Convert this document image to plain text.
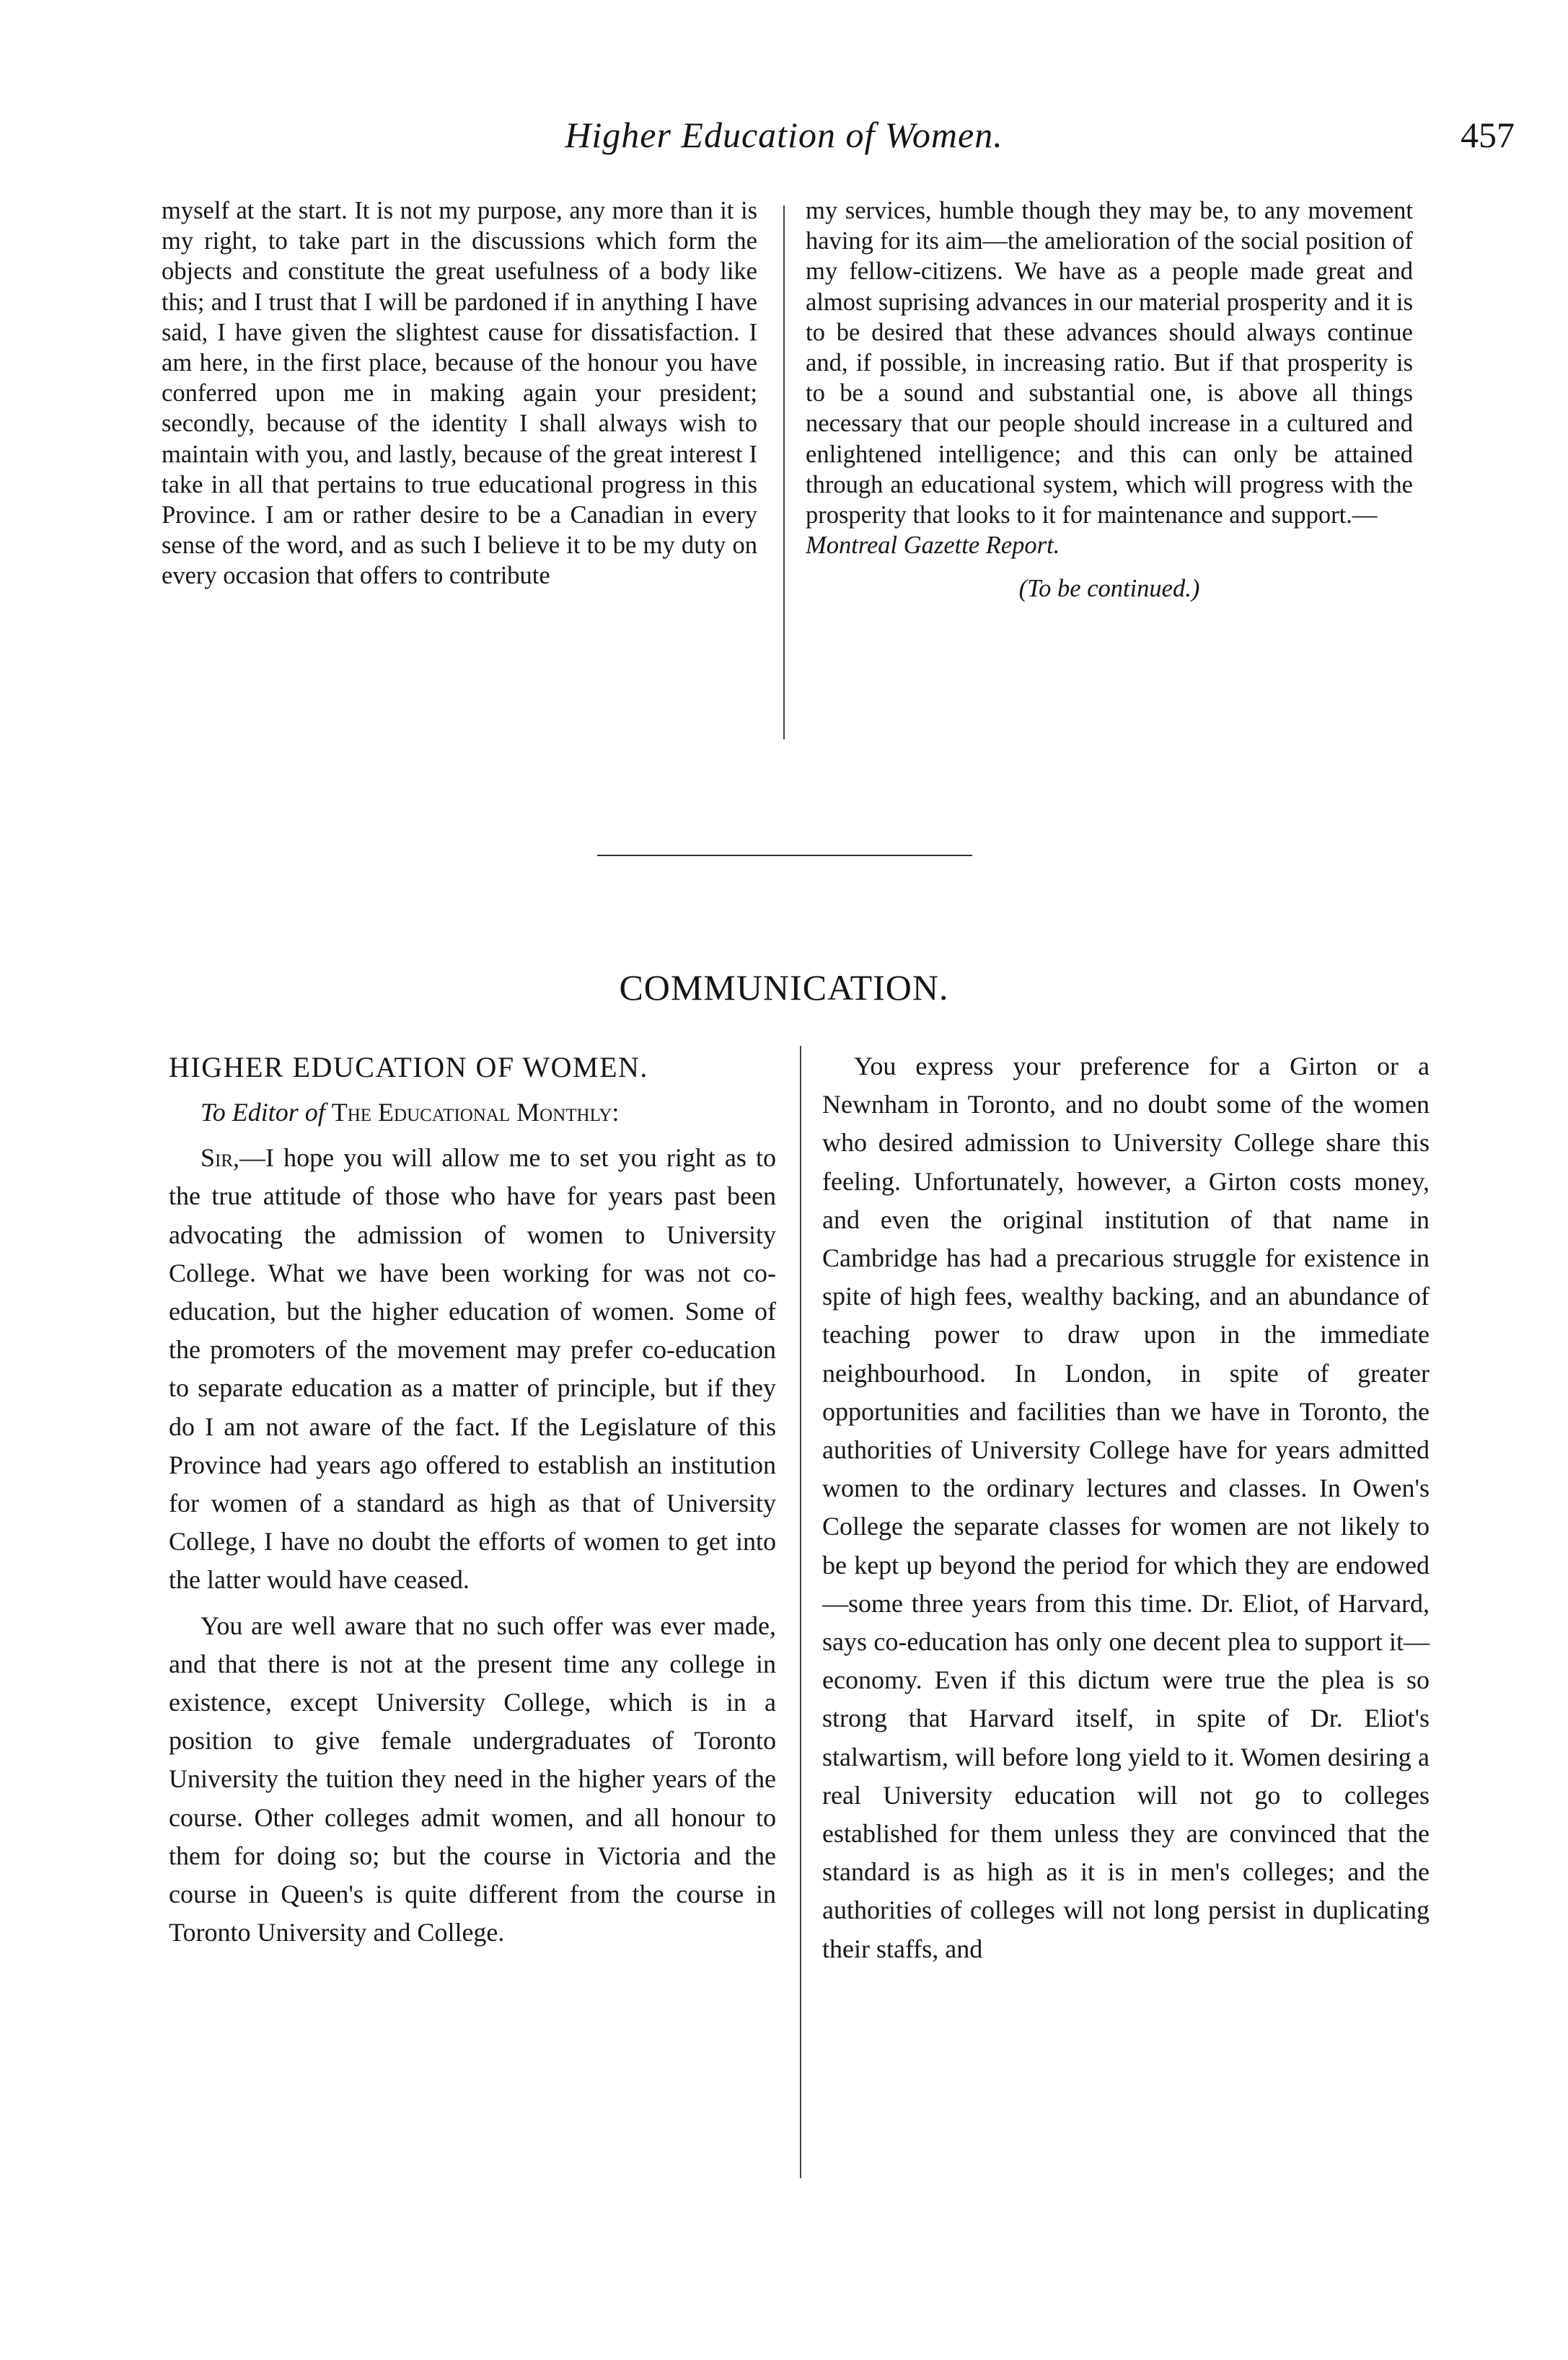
Higher Education of Women.	457

myself at the start. It is not my purpose, any more than it is my right, to take part in the discussions which form the objects and constitute the great usefulness of a body like this; and I trust that I will be pardoned if in anything I have said, I have given the slightest cause for dissatisfaction. I am here, in the first place, because of the honour you have conferred upon me in making again your president; secondly, because of the identity I shall always wish to maintain with you, and lastly, because of the great interest I take in all that pertains to true educational progress in this Province. I am or rather desire to be a Canadian in every sense of the word, and as such I believe it to be my duty on every occasion that offers to contribute

my services, humble though they may be, to any movement having for its aim—the amelioration of the social position of my fellow-citizens. We have as a people made great and almost suprising advances in our material prosperity and it is to be desired that these advances should always continue and, if possible, in increasing ratio. But if that prosperity is to be a sound and substantial one, is above all things necessary that our people should increase in a cultured and enlightened intelligence; and this can only be attained through an educational system, which will progress with the prosperity that looks to it for maintenance and support.—

Montreal Gazette Report.

(To be continued.)

COMMUNICATION.

HIGHER EDUCATION OF WOMEN.

To Editor of The Educational Monthly:

Sir,—I hope you will allow me to set you right as to the true attitude of those who have for years past been advocating the admission of women to University College. What we have been working for was not co-education, but the higher education of women. Some of the promoters of the movement may prefer co-education to separate education as a matter of principle, but if they do I am not aware of the fact. If the Legislature of this Province had years ago offered to establish an institution for women of a standard as high as that of University College, I have no doubt the efforts of women to get into the latter would have ceased.

You are well aware that no such offer was ever made, and that there is not at the present time any college in existence, except University College, which is in a position to give female undergraduates of Toronto University the tuition they need in the higher years of the course. Other colleges admit women, and all honour to them for doing so; but the course in Victoria and the course in Queen's is quite different from the course in Toronto University and College.

You express your preference for a Girton or a Newnham in Toronto, and no doubt some of the women who desired admission to University College share this feeling. Unfortunately, however, a Girton costs money, and even the original institution of that name in Cambridge has had a precarious struggle for existence in spite of high fees, wealthy backing, and an abundance of teaching power to draw upon in the immediate neighbourhood. In London, in spite of greater opportunities and facilities than we have in Toronto, the authorities of University College have for years admitted women to the ordinary lectures and classes. In Owen's College the separate classes for women are not likely to be kept up beyond the period for which they are endowed—some three years from this time. Dr. Eliot, of Harvard, says co-education has only one decent plea to support it—economy. Even if this dictum were true the plea is so strong that Harvard itself, in spite of Dr. Eliot's stalwartism, will before long yield to it. Women desiring a real University education will not go to colleges established for them unless they are convinced that the standard is as high as it is in men's colleges; and the authorities of colleges will not long persist in duplicating their staffs, and
